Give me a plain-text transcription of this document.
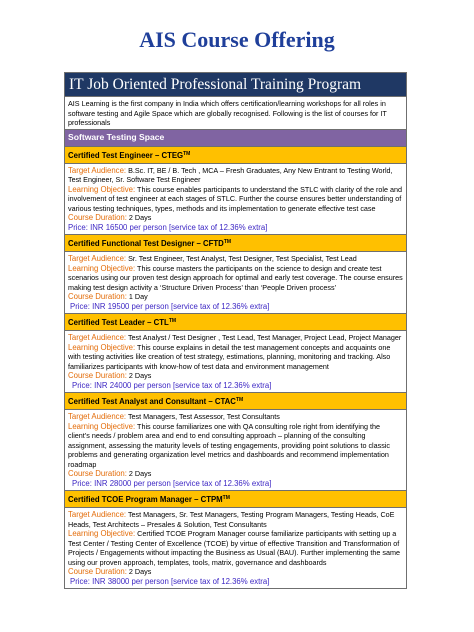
AIS Course Offering
IT Job Oriented Professional Training Program
AIS Learning is the first company in India which offers certification/learning workshops for all roles in software testing and Agile Space which are globally recognised. Following is the list of courses for IT professionals
Software Testing Space
Certified Test Engineer – CTEG™
Target Audience: B.Sc. IT, BE / B. Tech , MCA – Fresh Graduates, Any New Entrant to Testing World, Test Engineer, Sr. Software Test Engineer
Learning Objective: This course enables participants to understand the STLC with clarity of the role and involvement of test engineer at each stages of STLC. Further the course ensures better understanding of various testing techniques, types, methods and its implementation to generate effective test case
Course Duration: 2 Days
Price: INR 16500 per person [service tax of 12.36% extra]
Certified Functional Test Designer – CFTD™
Target Audience: Sr. Test Engineer, Test Analyst, Test Designer, Test Specialist, Test Lead
Learning Objective: This course masters the participants on the science to design and create test scenarios using our proven test design approach for optimal and early test coverage. The course ensures making test design activity a ‘Structure Driven Process’ than ‘People Driven process’
Course Duration: 1 Day
Price: INR 19500 per person [service tax of 12.36% extra]
Certified Test Leader – CTL™
Target Audience: Test Analyst / Test Designer , Test Lead, Test Manager, Project Lead, Project Manager
Learning Objective: This course explains in detail the test management concepts and acquaints one with testing activities like creation of test strategy, estimations, planning, monitoring and tracking. Also familiarizes participants with know-how of test data and environment management
Course Duration: 2 Days
Price: INR 24000 per person [service tax of 12.36% extra]
Certified Test Analyst and Consultant – CTAC™
Target Audience: Test Managers, Test Assessor, Test Consultants
Learning Objective: This course familiarizes one with QA consulting role right from identifying the client’s needs / problem area and end to end consulting approach – planning of the consulting assignment, assessing the maturity levels of testing engagements, providing point solutions to classic problems and generating organization level metrics and dashboards and recommend implementation roadmap
Course Duration: 2 Days
Price: INR 28000 per person [service tax of 12.36% extra]
Certified TCOE Program Manager – CTPM™
Target Audience: Test Managers, Sr. Test Managers, Testing Program Managers, Testing Heads, CoE Heads, Test Architects – Presales & Solution, Test Consultants
Learning Objective: Certified TCOE Program Manager course familiarize participants with setting up a Test Center / Testing Center of Excellence (TCOE) by virtue of effective Transition and Transformation of Projects / Engagements without impacting the Business as Usual (BAU). Further implementing the same using our proven approach, templates, tools, matrix, governance and dashboards
Course Duration: 2 Days
Price: INR 38000 per person [service tax of 12.36% extra]
